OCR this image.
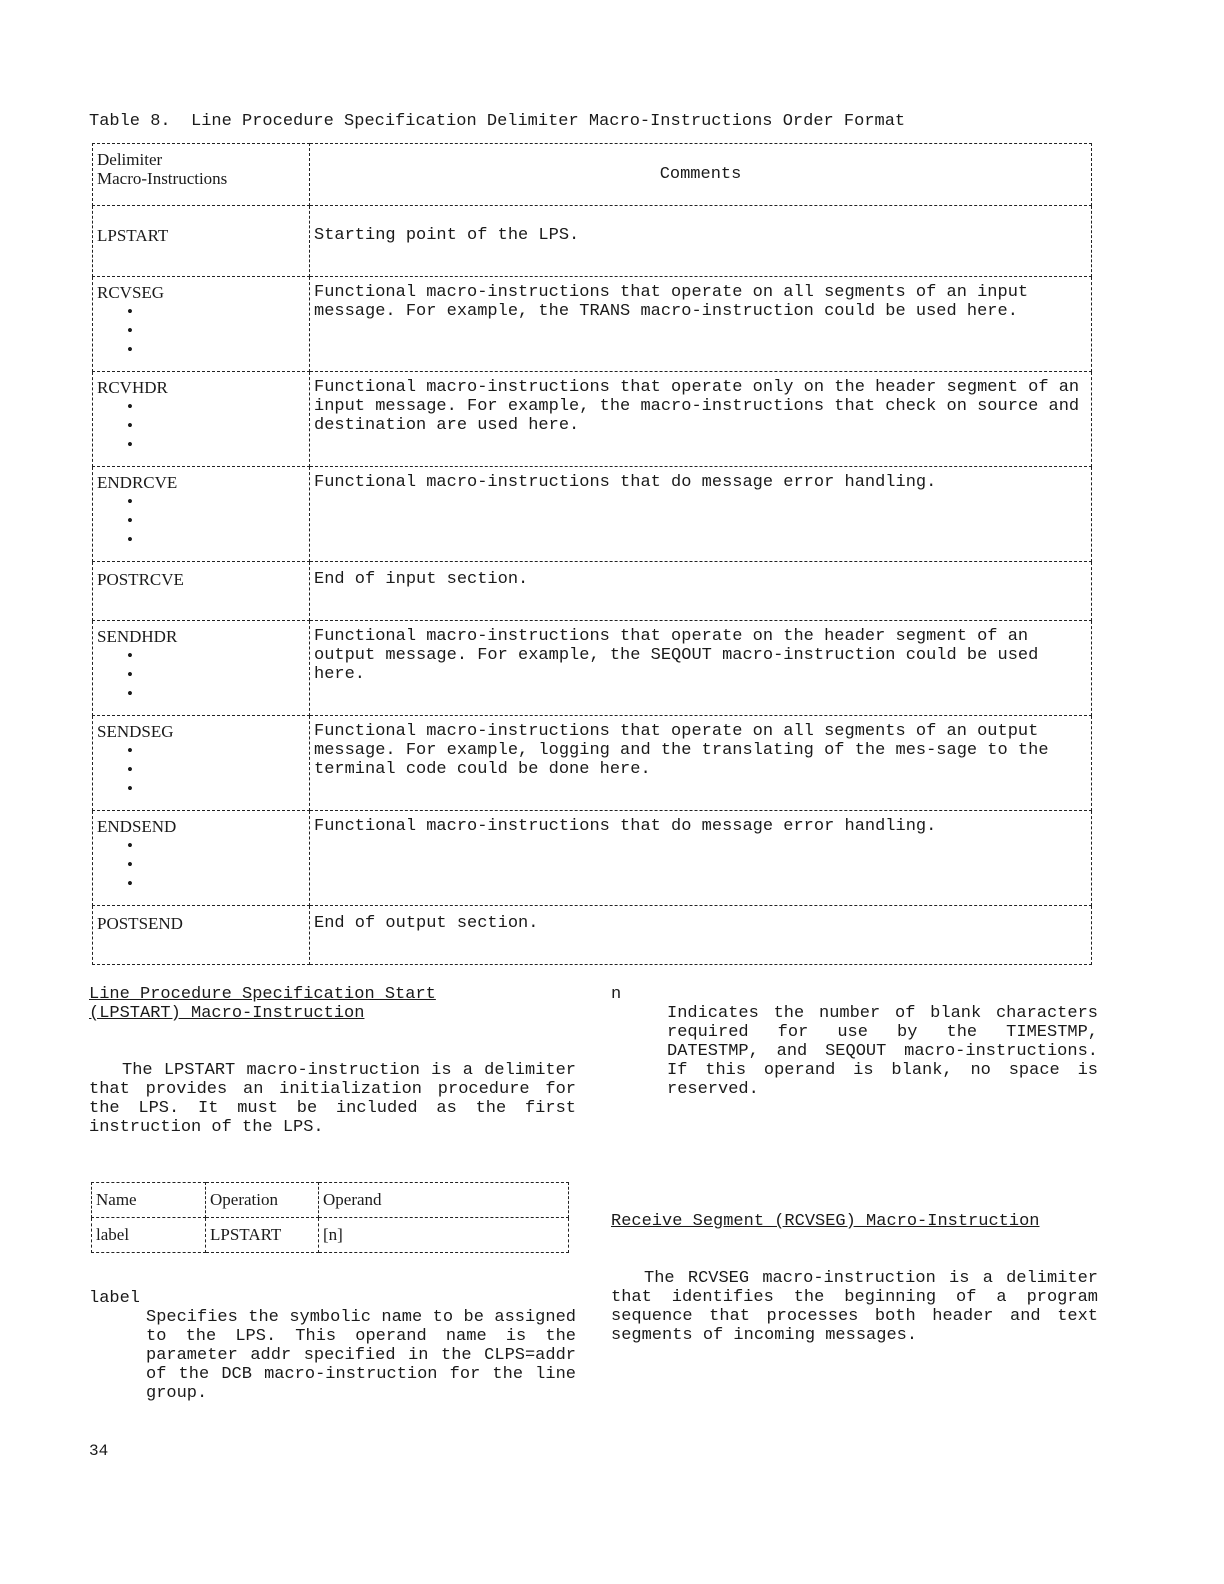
Table 8.  Line Procedure Specification Delimiter Macro-Instructions Order Format
Delimiter
Macro-Instructions	Comments
LPSTART	Starting point of the LPS.

RCVSEG
•
•
•	Functional macro-instructions that operate on all segments of an input message. For example, the TRANS macro-instruction could be used here.

RCVHDR
•
•
•	Functional macro-instructions that operate only on the header segment of an input message. For example, the macro-instructions that check on source and destination are used here.

ENDRCVE
•
•
•	Functional macro-instructions that do message error handling.
POSTRCVE	End of input section.

SENDHDR
•
•
•	Functional macro-instructions that operate on the header segment of an output message. For example, the SEQOUT macro-instruction could be used here.

SENDSEG
•
•
•	Functional macro-instructions that operate on all segments of an output message. For example, logging and the translating of the mes-sage to the terminal code could be done here.

ENDSEND
•
•
•	Functional macro-instructions that do message error handling.
POSTSEND	End of output section.
Line Procedure Specification Start
(LPSTART) Macro-Instruction
The LPSTART macro-instruction is a delimiter that provides an initialization procedure for the LPS. It must be included as the first instruction of the LPS.
Name	Operation	Operand
label	LPSTART	[n]
label
Specifies the symbolic name to be assigned to the LPS. This operand name is the parameter addr specified in the CLPS=addr of the DCB macro-instruction for the line group.
34
n
Indicates the number of blank characters required for use by the TIMESTMP, DATESTMP, and SEQOUT macro-instructions. If this operand is blank, no space is reserved.
Receive Segment (RCVSEG) Macro-Instruction
The RCVSEG macro-instruction is a delimiter that identifies the beginning of a program sequence that processes both header and text segments of incoming messages.
